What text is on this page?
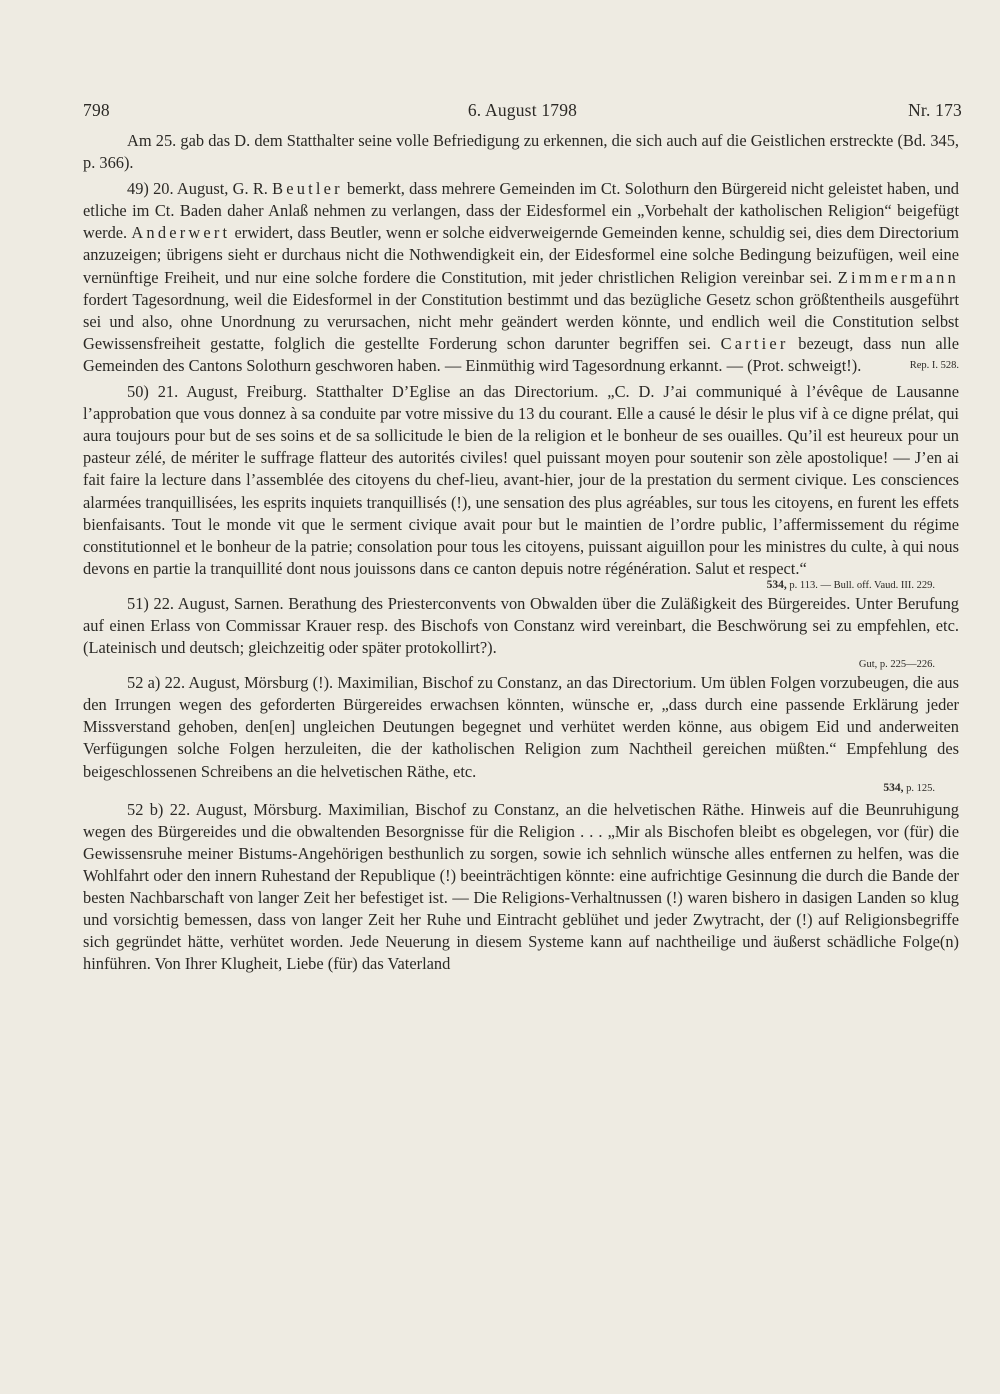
798	6. August 1798	Nr. 173

Am 25. gab das D. dem Statthalter seine volle Befriedigung zu erkennen, die sich auch auf die Geistlichen erstreckte (Bd. 345, p. 366).

49) 20. August, G. R. Beutler bemerkt, dass mehrere Gemeinden im Ct. Solothurn den Bürgereid nicht geleistet haben, und etliche im Ct. Baden daher Anlaß nehmen zu verlangen, dass der Eidesformel ein „Vorbehalt der katholischen Religion“ beigefügt werde. Anderwert erwidert, dass Beutler, wenn er solche eidverweigernde Gemeinden kenne, schuldig sei, dies dem Directorium anzuzeigen; übrigens sieht er durchaus nicht die Nothwendigkeit ein, der Eidesformel eine solche Bedingung beizufügen, weil eine vernünftige Freiheit, und nur eine solche fordere die Constitution, mit jeder christlichen Religion vereinbar sei. Zimmermann fordert Tagesordnung, weil die Eidesformel in der Constitution bestimmt und das bezügliche Gesetz schon größtentheils ausgeführt sei und also, ohne Unordnung zu verursachen, nicht mehr geändert werden könnte, und endlich weil die Constitution selbst Gewissensfreiheit gestatte, folglich die gestellte Forderung schon darunter begriffen sei. Cartier bezeugt, dass nun alle Gemeinden des Cantons Solothurn geschworen haben. — Einmüthig wird Tagesordnung erkannt. — (Prot. schweigt!).	Rep. I. 528.

50) 21. August, Freiburg. Statthalter D’Eglise an das Directorium. „C. D. J’ai communiqué à l’évêque de Lausanne l’approbation que vous donnez à sa conduite par votre missive du 13 du courant. Elle a causé le désir le plus vif à ce digne prélat, qui aura toujours pour but de ses soins et de sa sollicitude le bien de la religion et le bonheur de ses ouailles. Qu’il est heureux pour un pasteur zélé, de mériter le suffrage flatteur des autorités civiles! quel puissant moyen pour soutenir son zèle apostolique! — J’en ai fait faire la lecture dans l’assemblée des citoyens du chef-lieu, avant-hier, jour de la prestation du serment civique. Les consciences alarmées tranquillisées, les esprits inquiets tranquillisés (!), une sensation des plus agréables, sur tous les citoyens, en furent les effets bienfaisants. Tout le monde vit que le serment civique avait pour but le maintien de l’ordre public, l’affermissement du régime constitutionnel et le bonheur de la patrie; consolation pour tous les citoyens, puissant aiguillon pour les ministres du culte, à qui nous devons en partie la tranquillité dont nous jouissons dans ce canton depuis notre régénération. Salut et respect.“

534, p. 113. — Bull. off. Vaud. III. 229.

51) 22. August, Sarnen. Berathung des Priesterconvents von Obwalden über die Zuläßigkeit des Bürgereides. Unter Berufung auf einen Erlass von Commissar Krauer resp. des Bischofs von Constanz wird vereinbart, die Beschwörung sei zu empfehlen, etc. (Lateinisch und deutsch; gleichzeitig oder später protokollirt?).

Gut, p. 225—226.

52 a) 22. August, Mörsburg (!). Maximilian, Bischof zu Constanz, an das Directorium. Um üblen Folgen vorzubeugen, die aus den Irrungen wegen des geforderten Bürgereides erwachsen könnten, wünsche er, „dass durch eine passende Erklärung jeder Missverstand gehoben, den[en] ungleichen Deutungen begegnet und verhütet werden könne, aus obigem Eid und anderweiten Verfügungen solche Folgen herzuleiten, die der katholischen Religion zum Nachtheil gereichen müßten.“ Empfehlung des beigeschlossenen Schreibens an die helvetischen Räthe, etc.

534, p. 125.

52 b) 22. August, Mörsburg. Maximilian, Bischof zu Constanz, an die helvetischen Räthe. Hinweis auf die Beunruhigung wegen des Bürgereides und die obwaltenden Besorgnisse für die Religion . . . „Mir als Bischofen bleibt es obgelegen, vor (für) die Gewissensruhe meiner Bistums-Angehörigen besthunlich zu sorgen, sowie ich sehnlich wünsche alles entfernen zu helfen, was die Wohlfahrt oder den innern Ruhestand der Republique (!) beeinträchtigen könnte: eine aufrichtige Gesinnung die durch die Bande der besten Nachbarschaft von langer Zeit her befestiget ist. — Die Religions-Verhaltnussen (!) waren bishero in dasigen Landen so klug und vorsichtig bemessen, dass von langer Zeit her Ruhe und Eintracht geblühet und jeder Zwytracht, der (!) auf Religionsbegriffe sich gegründet hätte, verhütet worden. Jede Neuerung in diesem Systeme kann auf nachtheilige und äußerst schädliche Folge(n) hinführen. Von Ihrer Klugheit, Liebe (für) das Vaterland
